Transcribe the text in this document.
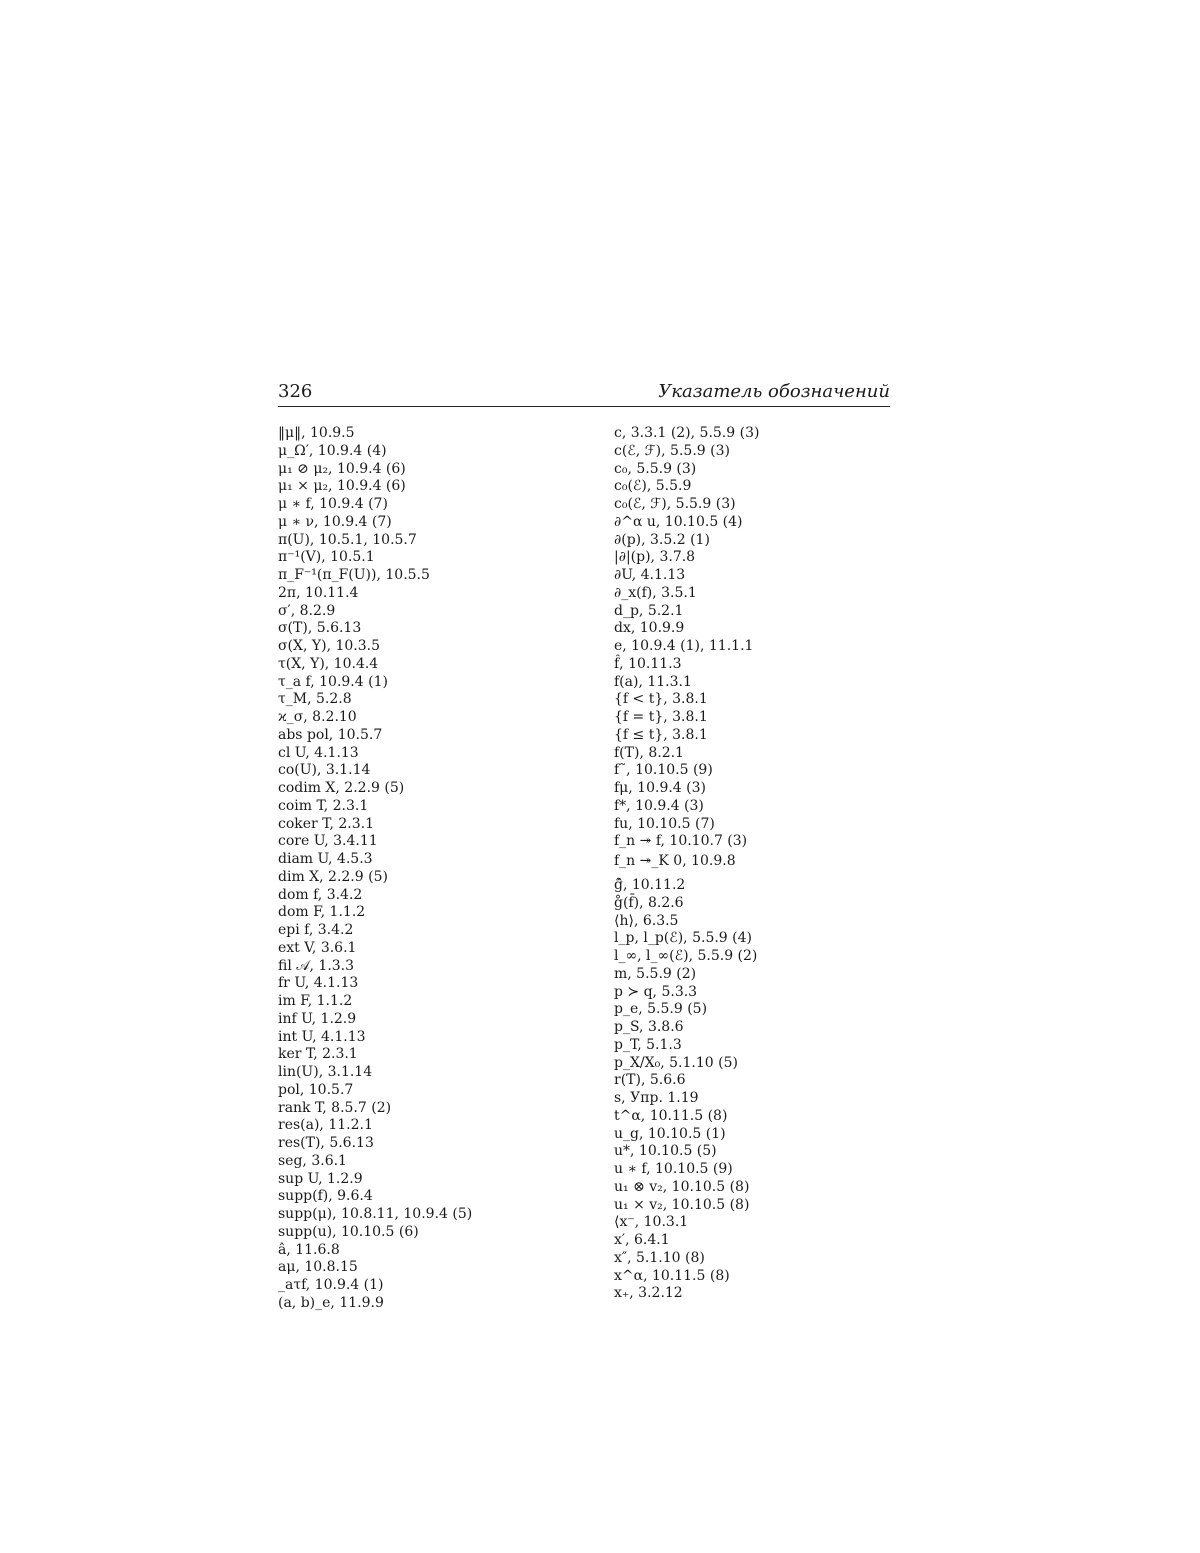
326	Указатель обозначений
‖μ‖, 10.9.5
μ_Ω′, 10.9.4 (4)
μ₁ ⊘ μ₂, 10.9.4 (6)
μ₁ × μ₂, 10.9.4 (6)
μ ∗ f, 10.9.4 (7)
μ ∗ ν, 10.9.4 (7)
π(U), 10.5.1, 10.5.7
π⁻¹(V), 10.5.1
π_F⁻¹(π_F(U)), 10.5.5
2π, 10.11.4
σ′, 8.2.9
σ(T), 5.6.13
σ(X, Y), 10.3.5
τ(X, Y), 10.4.4
τ_a f, 10.9.4 (1)
τ_M, 5.2.8
ϰ_σ, 8.2.10
abs pol, 10.5.7
cl U, 4.1.13
co(U), 3.1.14
codim X, 2.2.9 (5)
coim T, 2.3.1
coker T, 2.3.1
core U, 3.4.11
diam U, 4.5.3
dim X, 2.2.9 (5)
dom f, 3.4.2
dom F, 1.1.2
epi f, 3.4.2
ext V, 3.6.1
fil 𝒜, 1.3.3
fr U, 4.1.13
im F, 1.1.2
inf U, 1.2.9
int U, 4.1.13
ker T, 2.3.1
lin(U), 3.1.14
pol, 10.5.7
rank T, 8.5.7 (2)
res(a), 11.2.1
res(T), 5.6.13
seg, 3.6.1
sup U, 1.2.9
supp(f), 9.6.4
supp(μ), 10.8.11, 10.9.4 (5)
supp(u), 10.10.5 (6)
â, 11.6.8
aμ, 10.8.15
_aτf, 10.9.4 (1)
(a, b)_e, 11.9.9
c, 3.3.1 (2), 5.5.9 (3)
c(ℰ, ℱ), 5.5.9 (3)
c₀, 5.5.9 (3)
c₀(ℰ), 5.5.9
c₀(ℰ, ℱ), 5.5.9 (3)
∂^α u, 10.10.5 (4)
∂(p), 3.5.2 (1)
|∂|(p), 3.7.8
∂U, 4.1.13
∂_x(f), 3.5.1
d_p, 5.2.1
dx, 10.9.9
e, 10.9.4 (1), 11.1.1
f̂, 10.11.3
f(a), 11.3.1
{f < t}, 3.8.1
{f = t}, 3.8.1
{f ≤ t}, 3.8.1
f(T), 8.2.1
f˜, 10.10.5 (9)
fμ, 10.9.4 (3)
f*, 10.9.4 (3)
fu, 10.10.5 (7)
f_n ↠ f, 10.10.7 (3)
f_n ↠_K 0, 10.9.8
ĝ̂, 10.11.2
g̊(f̄), 8.2.6
⟨h⟩, 6.3.5
l_p, l_p(ℰ), 5.5.9 (4)
l_∞, l_∞(ℰ), 5.5.9 (2)
m, 5.5.9 (2)
p ≻ q, 5.3.3
p_e, 5.5.9 (5)
p_S, 3.8.6
p_T, 5.1.3
p_X/X₀, 5.1.10 (5)
r(T), 5.6.6
s, Упр. 1.19
t^α, 10.11.5 (8)
u_g, 10.10.5 (1)
u*, 10.10.5 (5)
u ∗ f, 10.10.5 (9)
u₁ ⊗ v₂, 10.10.5 (8)
u₁ × v₂, 10.10.5 (8)
⟨x⁻, 10.3.1
x′, 6.4.1
x″, 5.1.10 (8)
x^α, 10.11.5 (8)
x₊, 3.2.12
